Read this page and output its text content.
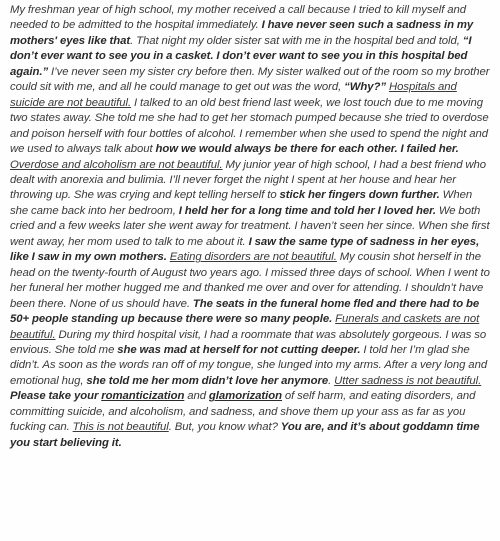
My freshman year of high school, my mother received a call because I tried to kill myself and needed to be admitted to the hospital immediately. I have never seen such a sadness in my mothers' eyes like that. That night my older sister sat with me in the hospital bed and told, “I don’t ever want to see you in a casket. I don’t ever want to see you in this hospital bed again.” I’ve never seen my sister cry before then. My sister walked out of the room so my brother could sit with me, and all he could manage to get out was the word, “Why?” Hospitals and suicide are not beautiful. I talked to an old best friend last week, we lost touch due to me moving two states away. She told me she had to get her stomach pumped because she tried to overdose and poison herself with four bottles of alcohol. I remember when she used to spend the night and we used to always talk about how we would always be there for each other. I failed her. Overdose and alcoholism are not beautiful. My junior year of high school, I had a best friend who dealt with anorexia and bulimia. I’ll never forget the night I spent at her house and hear her throwing up. She was crying and kept telling herself to stick her fingers down further. When she came back into her bedroom, I held her for a long time and told her I loved her. We both cried and a few weeks later she went away for treatment. I haven’t seen her since. When she first went away, her mom used to talk to me about it. I saw the same type of sadness in her eyes, like I saw in my own mothers. Eating disorders are not beautiful. My cousin shot herself in the head on the twenty-fourth of August two years ago. I missed three days of school. When I went to her funeral her mother hugged me and thanked me over and over for attending. I shouldn’t have been there. None of us should have. The seats in the funeral home fled and there had to be 50+ people standing up because there were so many people. Funerals and caskets are not beautiful. During my third hospital visit, I had a roommate that was absolutely gorgeous. I was so envious. She told me she was mad at herself for not cutting deeper. I told her I’m glad she didn’t. As soon as the words ran off of my tongue, she lunged into my arms. After a very long and emotional hug, she told me her mom didn’t love her anymore. Utter sadness is not beautiful. Please take your romanticization and glamorization of self harm, and eating disorders, and committing suicide, and alcoholism, and sadness, and shove them up your ass as far as you fucking can. This is not beautiful. But, you know what? You are, and it’s about goddamn time you start believing it.
